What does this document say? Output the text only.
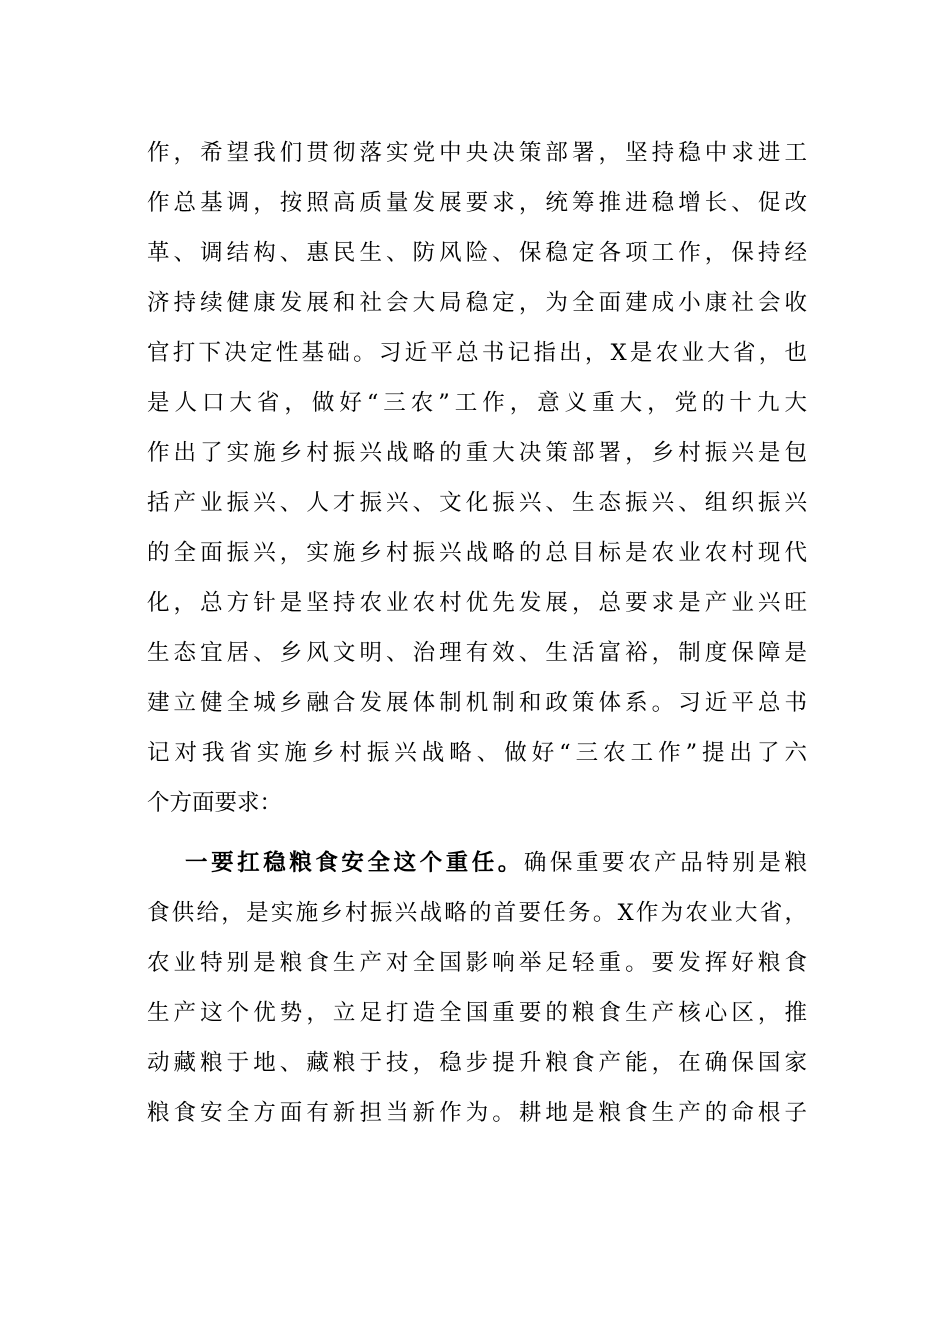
作，希望我们贯彻落实党中央决策部署，坚持稳中求进工
作总基调，按照高质量发展要求，统筹推进稳增长、促改
革、调结构、惠民生、防风险、保稳定各项工作，保持经
济持续健康发展和社会大局稳定，为全面建成小康社会收
官打下决定性基础。习近平总书记指出，X是农业大省，也
是人口大省，做好“三农”工作，意义重大，党的十九大
作出了实施乡村振兴战略的重大决策部署，乡村振兴是包
括产业振兴、人才振兴、文化振兴、生态振兴、组织振兴
的全面振兴，实施乡村振兴战略的总目标是农业农村现代
化，总方针是坚持农业农村优先发展，总要求是产业兴旺
生态宜居、乡风文明、治理有效、生活富裕，制度保障是
建立健全城乡融合发展体制机制和政策体系。习近平总书
记对我省实施乡村振兴战略、做好“三农工作”提出了六
个方面要求：
一要扛稳粮食安全这个重任。确保重要农产品特别是粮
食供给，是实施乡村振兴战略的首要任务。X作为农业大省，
农业特别是粮食生产对全国影响举足轻重。要发挥好粮食
生产这个优势，立足打造全国重要的粮食生产核心区，推
动藏粮于地、藏粮于技，稳步提升粮食产能，在确保国家
粮食安全方面有新担当新作为。耕地是粮食生产的命根子
